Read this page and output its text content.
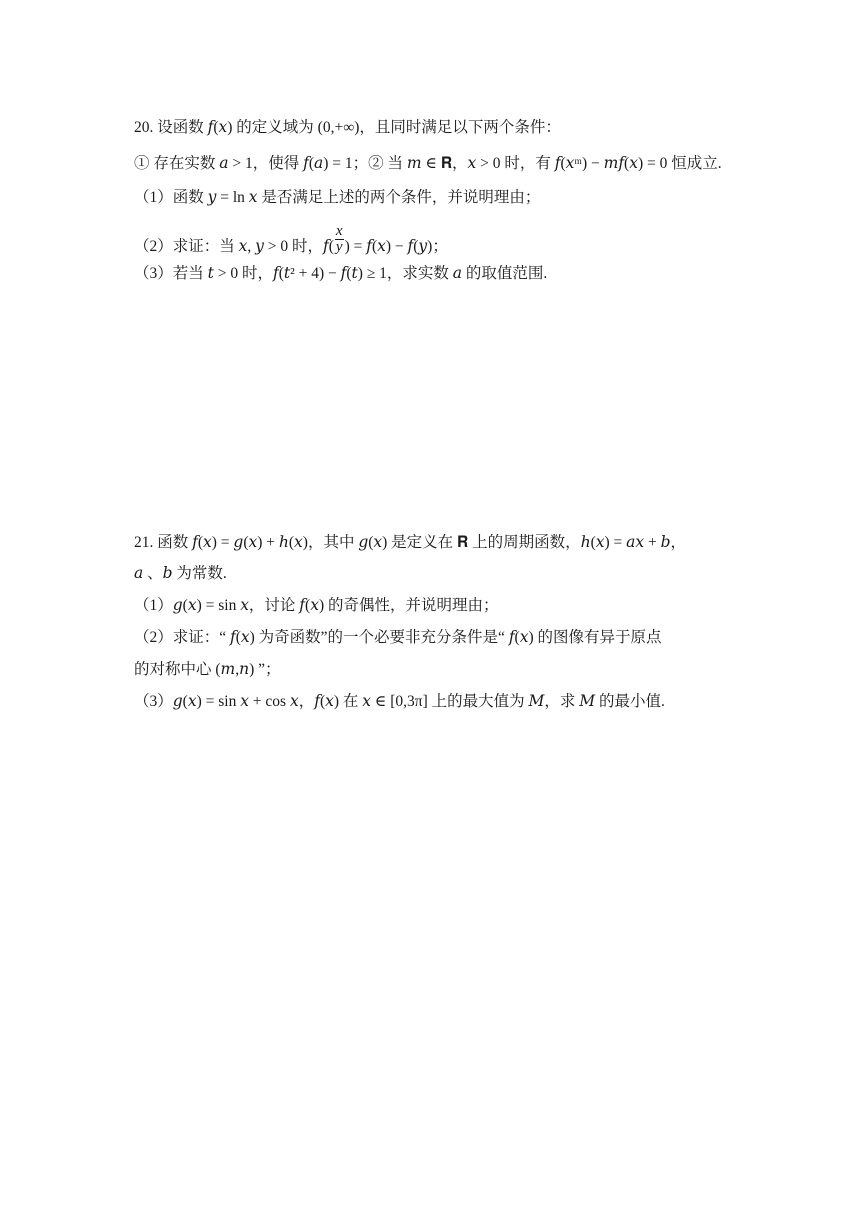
20. 设函数 𝑓(𝑥) 的定义域为 (0,+∞)，且同时满足以下两个条件：
① 存在实数 𝑎 > 1，使得 𝑓(𝑎) = 1；② 当 𝑚 ∈ 𝐑，𝑥 > 0 时，有 𝑓(𝑥ᵐ) − 𝑚𝑓(𝑥) = 0 恒成立.
（1）函数 𝑦 = ln 𝑥 是否满足上述的两个条件，并说明理由；
（2）求证：当 𝑥, 𝑦 > 0 时，𝑓( $\frac{x}{y}$ ) = 𝑓(𝑥) − 𝑓(𝑦)；
（3）若当 𝑡 > 0 时，𝑓(𝑡² + 4) − 𝑓(𝑡) ≥ 1，求实数 𝑎 的取值范围.
21. 函数 𝑓(𝑥) = 𝑔(𝑥) + ℎ(𝑥)，其中 𝑔(𝑥) 是定义在 𝐑 上的周期函数，ℎ(𝑥) = 𝑎𝑥 + 𝑏，
𝑎 、𝑏 为常数.
（1）𝑔(𝑥) = sin 𝑥，讨论 𝑓(𝑥) 的奇偶性，并说明理由；
（2）求证：“ 𝑓(𝑥) 为奇函数”的一个必要非充分条件是“ 𝑓(𝑥) 的图像有异于原点
的对称中心 (𝑚,𝑛) ”；
（3）𝑔(𝑥) = sin 𝑥 + cos 𝑥，𝑓(𝑥) 在 𝑥 ∈ [0,3π] 上的最大值为 𝑀，求 𝑀 的最小值.
